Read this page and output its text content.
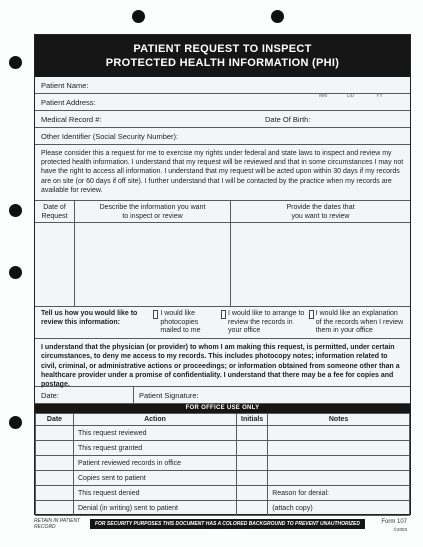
PATIENT REQUEST TO INSPECT
PROTECTED HEALTH INFORMATION (PHI)
Patient Name:
Patient Address:
MM	DD	YY
Medical Record #:	Date Of Birth:
Other Identifier (Social Security Number):
Please consider this a request for me to exercise my rights under federal and state laws to inspect and review my protected health information. I understand that my request will be reviewed and that in some circumstances I may not have the right to access all information. I understand that my request will be acted upon within 30 days if my records are on site (or 60 days if off site). I further understand that I will be contacted by the practice when my records are available for review.
Date of Request
Describe the information you want to inspect or review
Provide the dates that you want to review
Tell us how you would like to review this information:
I would like photocopies mailed to me
I would like to arrange to review the records in your office
I would like an explanation of the records when I review them in your office
I understand that the physician (or provider) to whom I am making this request, is permitted, under certain circumstances, to deny me access to my records. This includes photocopy notes; information related to civil, criminal, or administrative actions or proceedings; or information obtained from someone other than a healthcare provider under a promise of confidentiality. I understand that there may be a fee for copies and postage.
Date:	Patient Signature:
FOR OFFICE USE ONLY
Date	Action	Initials	Notes
	This request reviewed		
	This request granted		
	Patient reviewed records in office		
	Copies sent to patient		
	This request denied		Reason for denial:
	Denial (in writing) sent to patient		(attach copy)
RETAIN IN PATIENT RECORD	FOR SECURITY PURPOSES THIS DOCUMENT HAS A COLORED BACKGROUND TO PREVENT UNAUTHORIZED DUPLICATION.
Form 107
©2003
